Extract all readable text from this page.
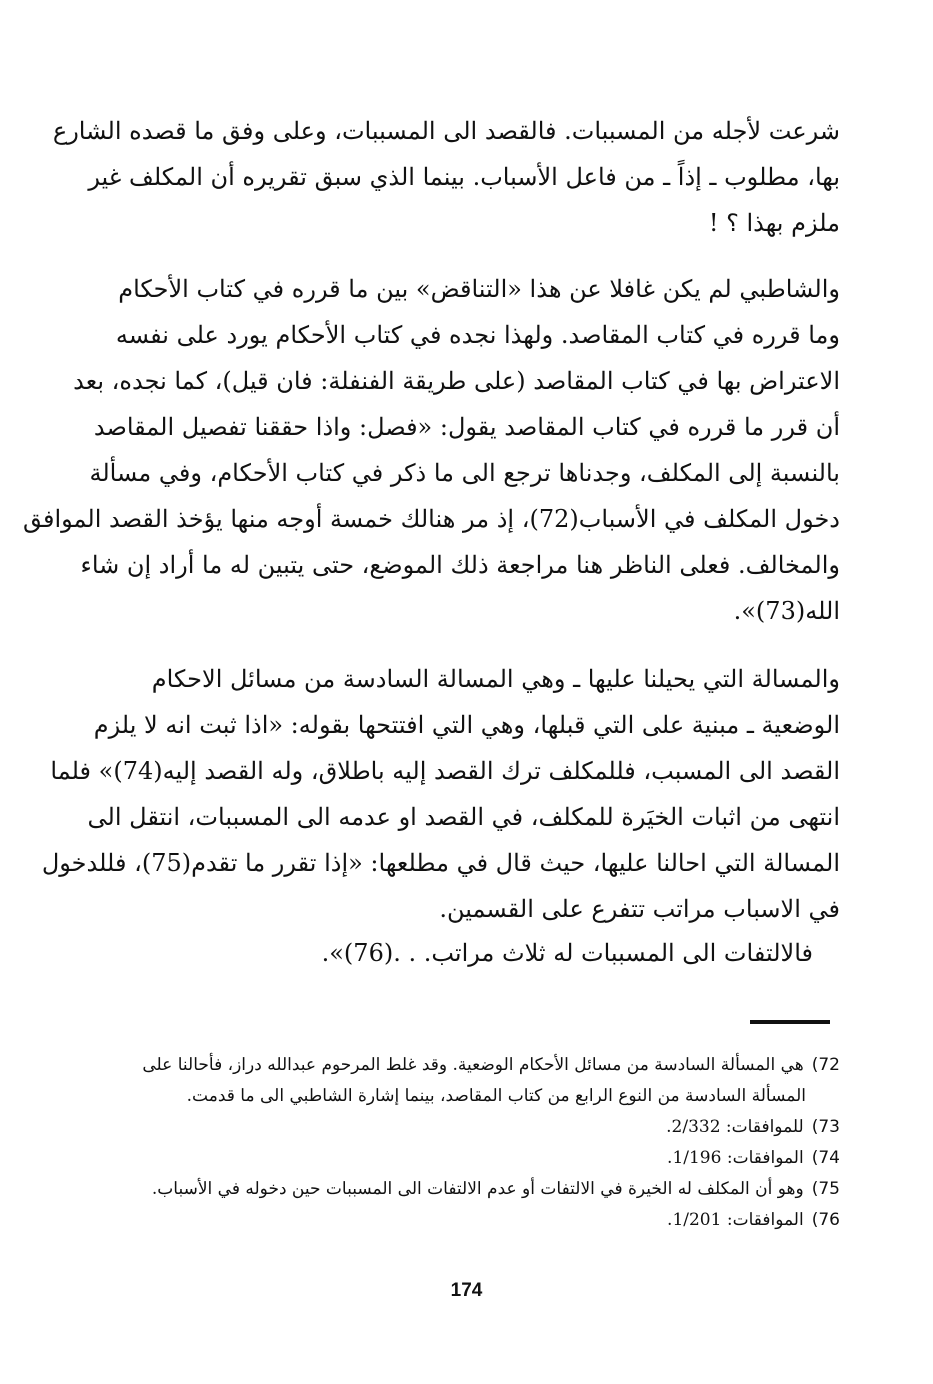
شرعت لأجله من المسببات. فالقصد الى المسببات، وعلى وفق ما قصده الشارع
بها، مطلوب ـ إذاً ـ من فاعل الأسباب. بينما الذي سبق تقريره أن المكلف غير
ملزم بهذا ؟ !
والشاطبي لم يكن غافلا عن هذا «التناقض» بين ما قرره في كتاب الأحكام
وما قرره في كتاب المقاصد. ولهذا نجده في كتاب الأحكام يورد على نفسه
الاعتراض بها في كتاب المقاصد (على طريقة الفنفلة: فان قيل)، كما نجده، بعد
أن قرر ما قرره في كتاب المقاصد يقول: «فصل: واذا حققنا تفصيل المقاصد
بالنسبة إلى المكلف، وجدناها ترجع الى ما ذكر في كتاب الأحكام، وفي مسألة
دخول المكلف في الأسباب(72)، إذ مر هنالك خمسة أوجه منها يؤخذ القصد الموافق
والمخالف. فعلى الناظر هنا مراجعة ذلك الموضع، حتى يتبين له ما أراد إن شاء
الله(73)».
والمسالة التي يحيلنا عليها ـ وهي المسالة السادسة من مسائل الاحكام
الوضعية ـ مبنية على التي قبلها، وهي التي افتتحها بقوله: «اذا ثبت انه لا يلزم
القصد الى المسبب، فللمكلف ترك القصد إليه باطلاق، وله القصد إليه(74)» فلما
انتهى من اثبات الخيَرة للمكلف، في القصد او عدمه الى المسببات، انتقل الى
المسالة التي احالنا عليها، حيث قال في مطلعها: «إذا تقرر ما تقدم(75)، فللدخول
في الاسباب مراتب تتفرع على القسمين.
فالالتفات الى المسببات له ثلاث مراتب. . .(76)».
72)هي المسألة السادسة من مسائل الأحكام الوضعية. وقد غلط المرحوم عبدالله دراز، فأحالنا على
المسألة السادسة من النوع الرابع من كتاب المقاصد، بينما إشارة الشاطبي الى ما قدمت.
73)للموافقات: 2/332.
74)الموافقات: 1/196.
75)وهو أن المكلف له الخيرة في الالتفات أو عدم الالتفات الى المسببات حين دخوله في الأسباب.
76)الموافقات: 1/201.
174
